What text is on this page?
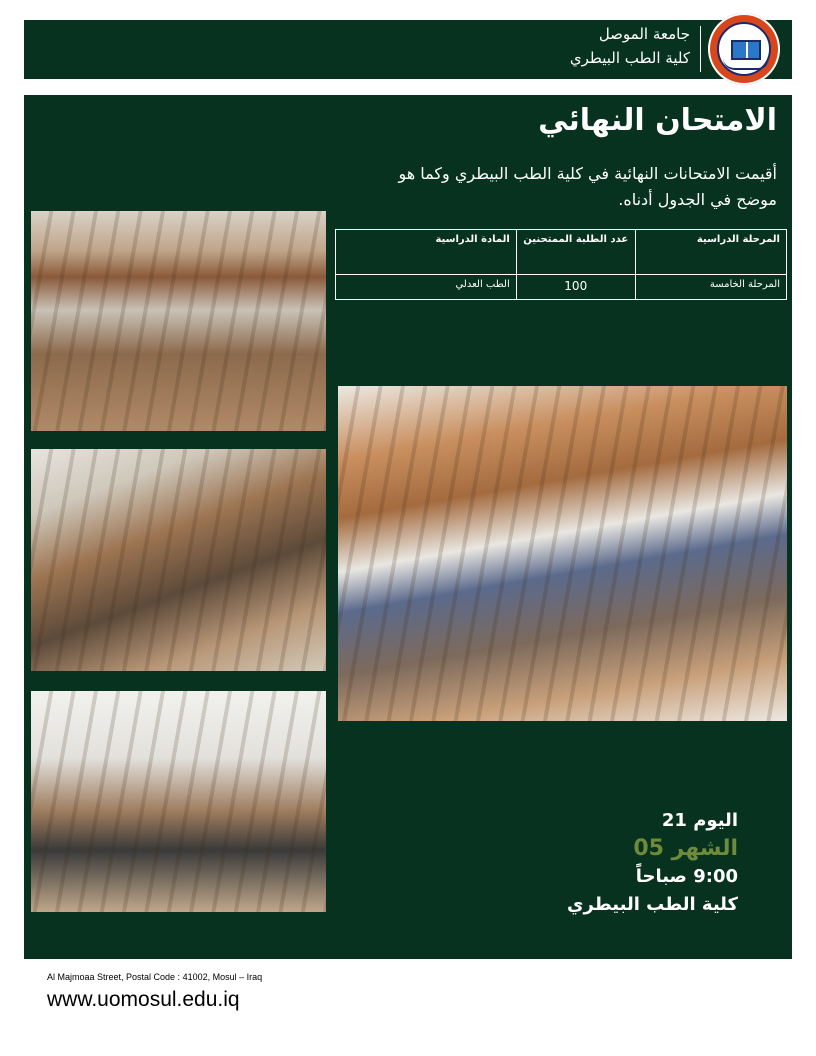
جامعة الموصل
كلية الطب البيطري
الامتحان النهائي
أقيمت الامتحانات النهائية في كلية الطب البيطري وكما هو موضح في الجدول أدناه.
المرحلة الدراسية	عدد الطلبة الممتحنين	المادة الدراسية
المرحلة الخامسة	100	الطب العدلي
اليوم 21
الشهر 05
9:00 صباحاً
كلية الطب البيطري
Al Majmoaa Street, Postal Code : 41002, Mosul – Iraq
www.uomosul.edu.iq
